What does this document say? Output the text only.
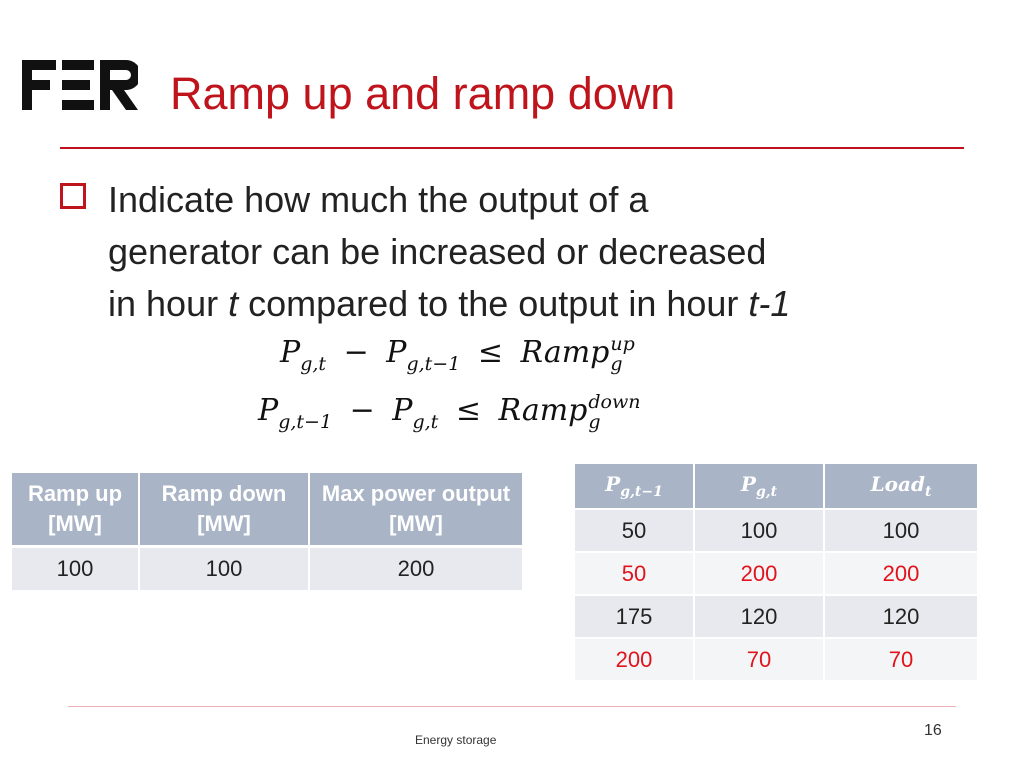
Ramp up and ramp down
Indicate how much the output of a
generator can be increased or decreased
in hour t compared to the output in hour t-1
$P_{g,t} - P_{g,t-1}$ ≤ Ramp up
g
$P_{g,t-1} - P_{g,t}$ ≤ Ramp down
g
Ramp up [MW]	Ramp down [MW]	Max power output [MW]
100	100	200
$P_{g,t-1}$	$P_{g,t}$	Load$_t$
50	100	100
50	200	200
175	120	120
200	70	70
Energy storage
16
